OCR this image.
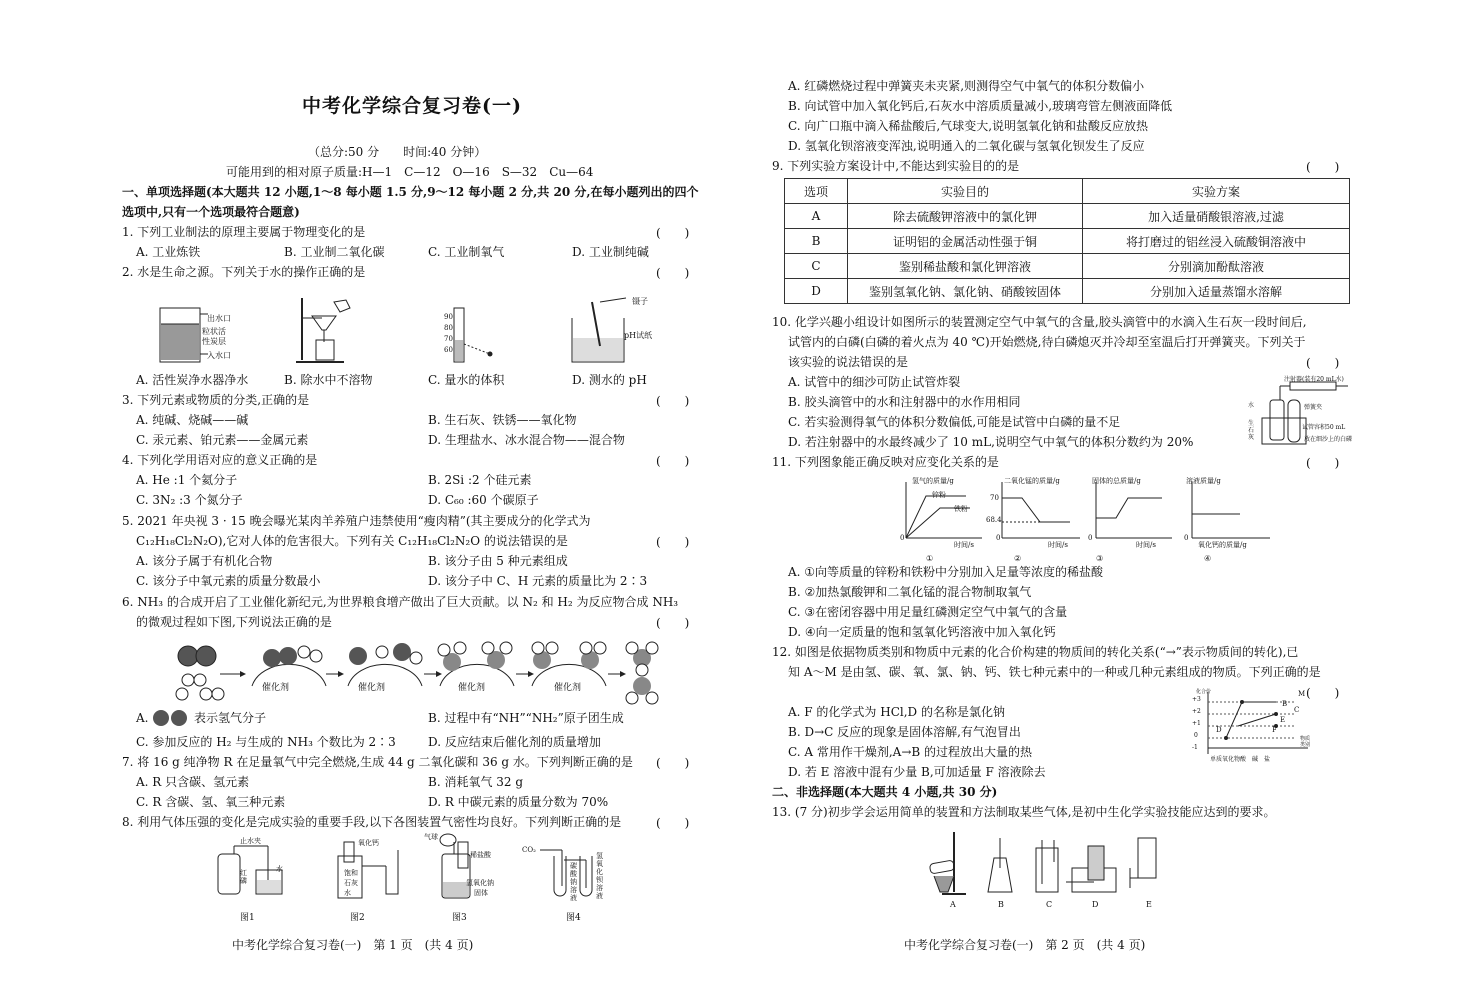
中考化学综合复习卷(一)
（总分:50 分　　时间:40 分钟）
可能用到的相对原子质量:H—1　C—12　O—16　S—32　Cu—64
一、单项选择题(本大题共 12 小题,1～8 每小题 1.5 分,9～12 每小题 2 分,共 20 分,在每小题列出的四个
选项中,只有一个选项最符合题意)
1. 下列工业制法的原理主要属于物理变化的是	(　　)
A. 工业炼铁	B. 工业制二氧化碳	C. 工业制氧气	D. 工业制纯碱
2. 水是生命之源。下列关于水的操作正确的是	(　　)
出水口
粒状活
性炭层
入水口
90
80
70
60
镊子
pH试纸
A. 活性炭净水器净水	B. 除水中不溶物	C. 量水的体积	D. 测水的 pH
3. 下列元素或物质的分类,正确的是	(　　)
A. 纯碱、烧碱——碱	B. 生石灰、铁锈——氧化物
C. 汞元素、铂元素——金属元素	D. 生理盐水、冰水混合物——混合物
4. 下列化学用语对应的意义正确的是	(　　)
A. He :1 个氦分子	B. 2Si :2 个硅元素
C. 3N₂ :3 个氮分子	D. C₆₀ :60 个碳原子
5. 2021 年央视 3 · 15 晚会曝光某肉羊养殖户违禁使用“瘦肉精”(其主要成分的化学式为
C₁₂H₁₈Cl₂N₂O),它对人体的危害很大。下列有关 C₁₂H₁₈Cl₂N₂O 的说法错误的是	(　　)
A. 该分子属于有机化合物	B. 该分子由 5 种元素组成
C. 该分子中氧元素的质量分数最小	D. 该分子中 C、H 元素的质量比为 2∶3
6. NH₃ 的合成开启了工业催化新纪元,为世界粮食增产做出了巨大贡献。以 N₂ 和 H₂ 为反应物合成 NH₃
的微观过程如下图,下列说法正确的是	(　　)
催化剂	催化剂	催化剂	催化剂
A.	表示氢气分子	B. 过程中有“NH”“NH₂”原子团生成
C. 参加反应的 H₂ 与生成的 NH₃ 个数比为 2∶3	D. 反应结束后催化剂的质量增加
7. 将 16 g 纯净物 R 在足量氧气中完全燃烧,生成 44 g 二氧化碳和 36 g 水。下列判断正确的是 (　　)
A. R 只含碳、氢元素	B. 消耗氧气 32 g
C. R 含碳、氢、氧三种元素	D. R 中碳元素的质量分数为 70%
8. 利用气体压强的变化是完成实验的重要手段,以下各图装置气密性均良好。下列判断正确的是	(　　)
止水夹
红
磷
水
氧化钙
饱和石灰水
气球
稀盐酸
氢氧化钠
固体
CO₂
碳酸钠溶液
氢氧化钡溶液
图1	图2	图3	图4
中考化学综合复习卷(一)　第 1 页　(共 4 页)
A. 红磷燃烧过程中弹簧夹未夹紧,则测得空气中氧气的体积分数偏小
B. 向试管中加入氧化钙后,石灰水中溶质质量减小,玻璃弯管左侧液面降低
C. 向广口瓶中滴入稀盐酸后,气球变大,说明氢氧化钠和盐酸反应放热
D. 氢氧化钡溶液变浑浊,说明通入的二氧化碳与氢氧化钡发生了反应
9. 下列实验方案设计中,不能达到实验目的的是	(　　)
选项	实验目的	实验方案
A	除去硫酸钾溶液中的氯化钾	加入适量硝酸银溶液,过滤
B	证明铝的金属活动性强于铜	将打磨过的铝丝浸入硫酸铜溶液中
C	鉴别稀盐酸和氯化钾溶液	分别滴加酚酞溶液
D	鉴别氢氧化钠、氯化钠、硝酸铵固体	分别加入适量蒸馏水溶解
10. 化学兴趣小组设计如图所示的装置测定空气中氧气的含量,胶头滴管中的水滴入生石灰一段时间后,
试管内的白磷(白磷的着火点为 40 ℃)开始燃烧,待白磷熄灭并冷却至室温后打开弹簧夹。下列关于
该实验的说法错误的是	(　　)
A. 试管中的细沙可防止试管炸裂
B. 胶头滴管中的水和注射器中的水作用相同
C. 若实验测得氧气的体积分数偏低,可能是试管中白磷的量不足
D. 若注射器中的水最终减少了 10 mL,说明空气中氧气的体积分数约为 20%
注射器(装有20 mL水)
弹簧夹
水
生石灰
试管容积50 mL
放在细沙上的白磷
11. 下列图象能正确反映对应变化关系的是	(　　)
氢气的质量/g
锌粉
铁粉
时间/s
0
①
二氧化锰的质量/g
70
68.4
时间/s
0
②
固体的总质量/g
时间/s
0
③
溶液质量/g
氧化钙的质量/g
0
④
A. ①向等质量的锌粉和铁粉中分别加入足量等浓度的稀盐酸
B. ②加热氯酸钾和二氧化锰的混合物制取氧气
C. ③在密闭容器中用足量红磷测定空气中氧气的含量
D. ④向一定质量的饱和氢氧化钙溶液中加入氧化钙
12. 如图是依据物质类别和物质中元素的化合价构建的物质间的转化关系(“→”表示物质间的转化),已
知 A～M 是由氢、碳、氧、氯、钠、钙、铁七种元素中的一种或几种元素组成的物质。下列正确的是
(　　)
A. F 的化学式为 HCl,D 的名称是氯化钠
B. D→C 反应的现象是固体溶解,有气泡冒出
C. A 常用作干燥剂,A→B 的过程放出大量的热
D. 若 E 溶液中混有少量 B,可加适量 F 溶液除去
+3
+2
+1
0
-1
化合价
单质氧化物酸　碱　盐
物质类别
M
B
C
E
D	F
二、非选择题(本大题共 4 小题,共 30 分)
13. (7 分)初步学会运用简单的装置和方法制取某些气体,是初中生化学实验技能应达到的要求。
A	B	C	D	E
中考化学综合复习卷(一)　第 2 页　(共 4 页)
